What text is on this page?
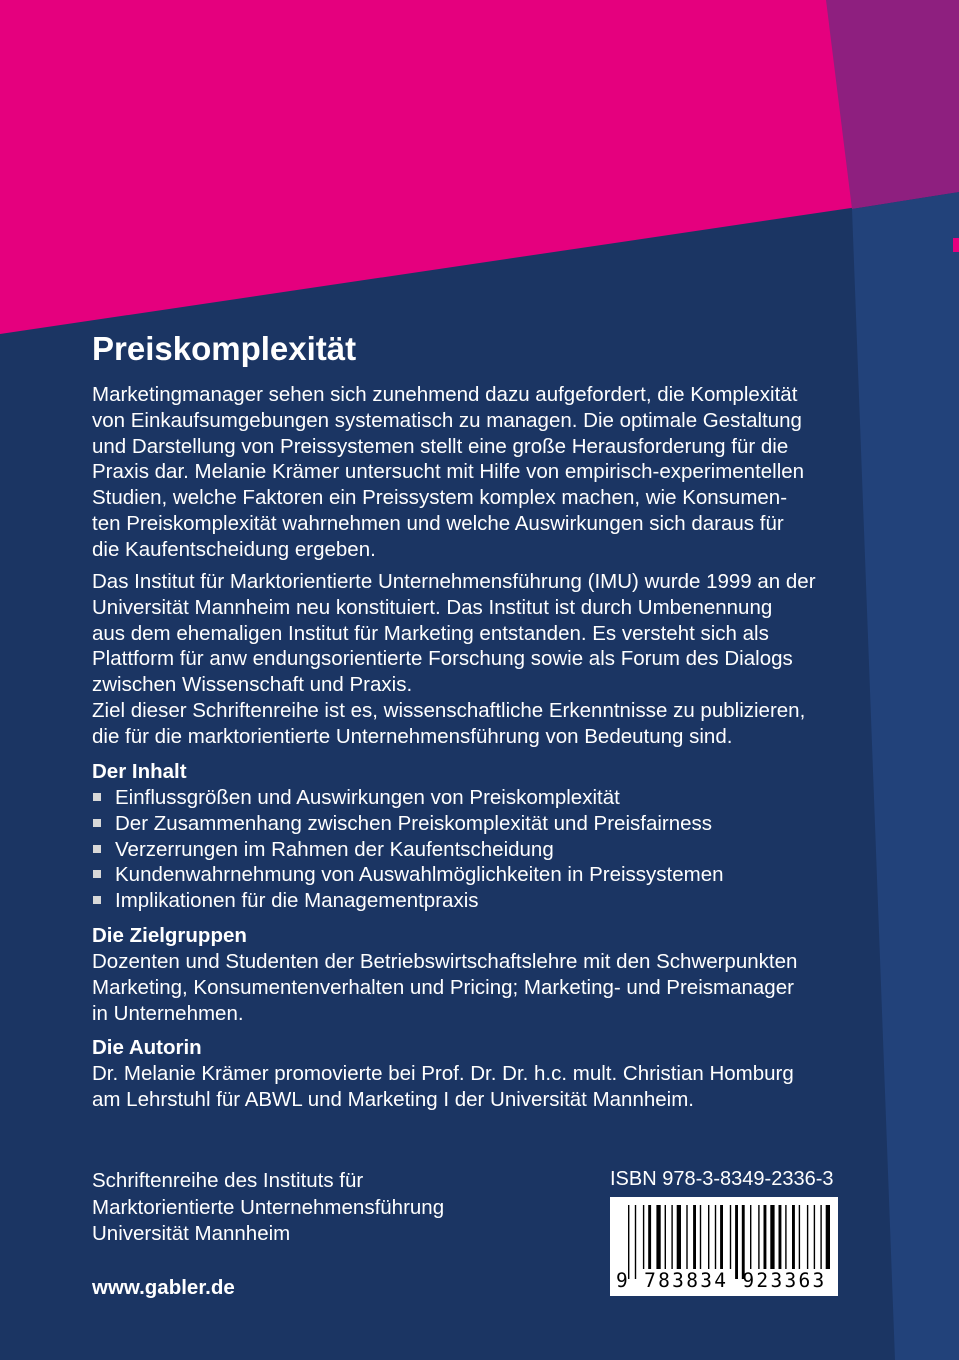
Preiskomplexität
Marketingmanager sehen sich zunehmend dazu aufgefordert, die Komplexität
von Einkaufsumgebungen systematisch zu managen. Die optimale Gestaltung
und Darstellung von Preissystemen stellt eine große Herausforderung für die
Praxis dar. Melanie Krämer untersucht mit Hilfe von empirisch-experimentellen
Studien, welche Faktoren ein Preissystem komplex machen, wie Konsumen-
ten Preiskomplexität wahrnehmen und welche Auswirkungen sich daraus für
die Kaufentscheidung ergeben.
Das Institut für Marktorientierte Unternehmensführung (IMU) wurde 1999 an der
Universität Mannheim neu konstituiert. Das Institut ist durch Umbenennung
aus dem ehemaligen Institut für Marketing entstanden. Es versteht sich als
Plattform für anw endungsorientierte Forschung sowie als Forum des Dialogs
zwischen Wissenschaft und Praxis.
Ziel dieser Schriftenreihe ist es, wissenschaftliche Erkenntnisse zu publizieren,
die für die marktorientierte Unternehmensführung von Bedeutung sind.
Der Inhalt
Einflussgrößen und Auswirkungen von Preiskomplexität
Der Zusammenhang zwischen Preiskomplexität und Preisfairness
Verzerrungen im Rahmen der Kaufentscheidung
Kundenwahrnehmung von Auswahlmöglichkeiten in Preissystemen
Implikationen für die Managementpraxis
Die Zielgruppen
Dozenten und Studenten der Betriebswirtschaftslehre mit den Schwerpunkten
Marketing, Konsumentenverhalten und Pricing; Marketing- und Preismanager
in Unternehmen.
Die Autorin
Dr. Melanie Krämer promovierte bei Prof. Dr. Dr. h.c. mult. Christian Homburg
am Lehrstuhl für ABWL und Marketing I der Universität Mannheim.
Schriftenreihe des Instituts für
Marktorientierte Unternehmensführung
Universität Mannheim
www.gabler.de
ISBN 978-3-8349-2336-3
9 783834 923363
